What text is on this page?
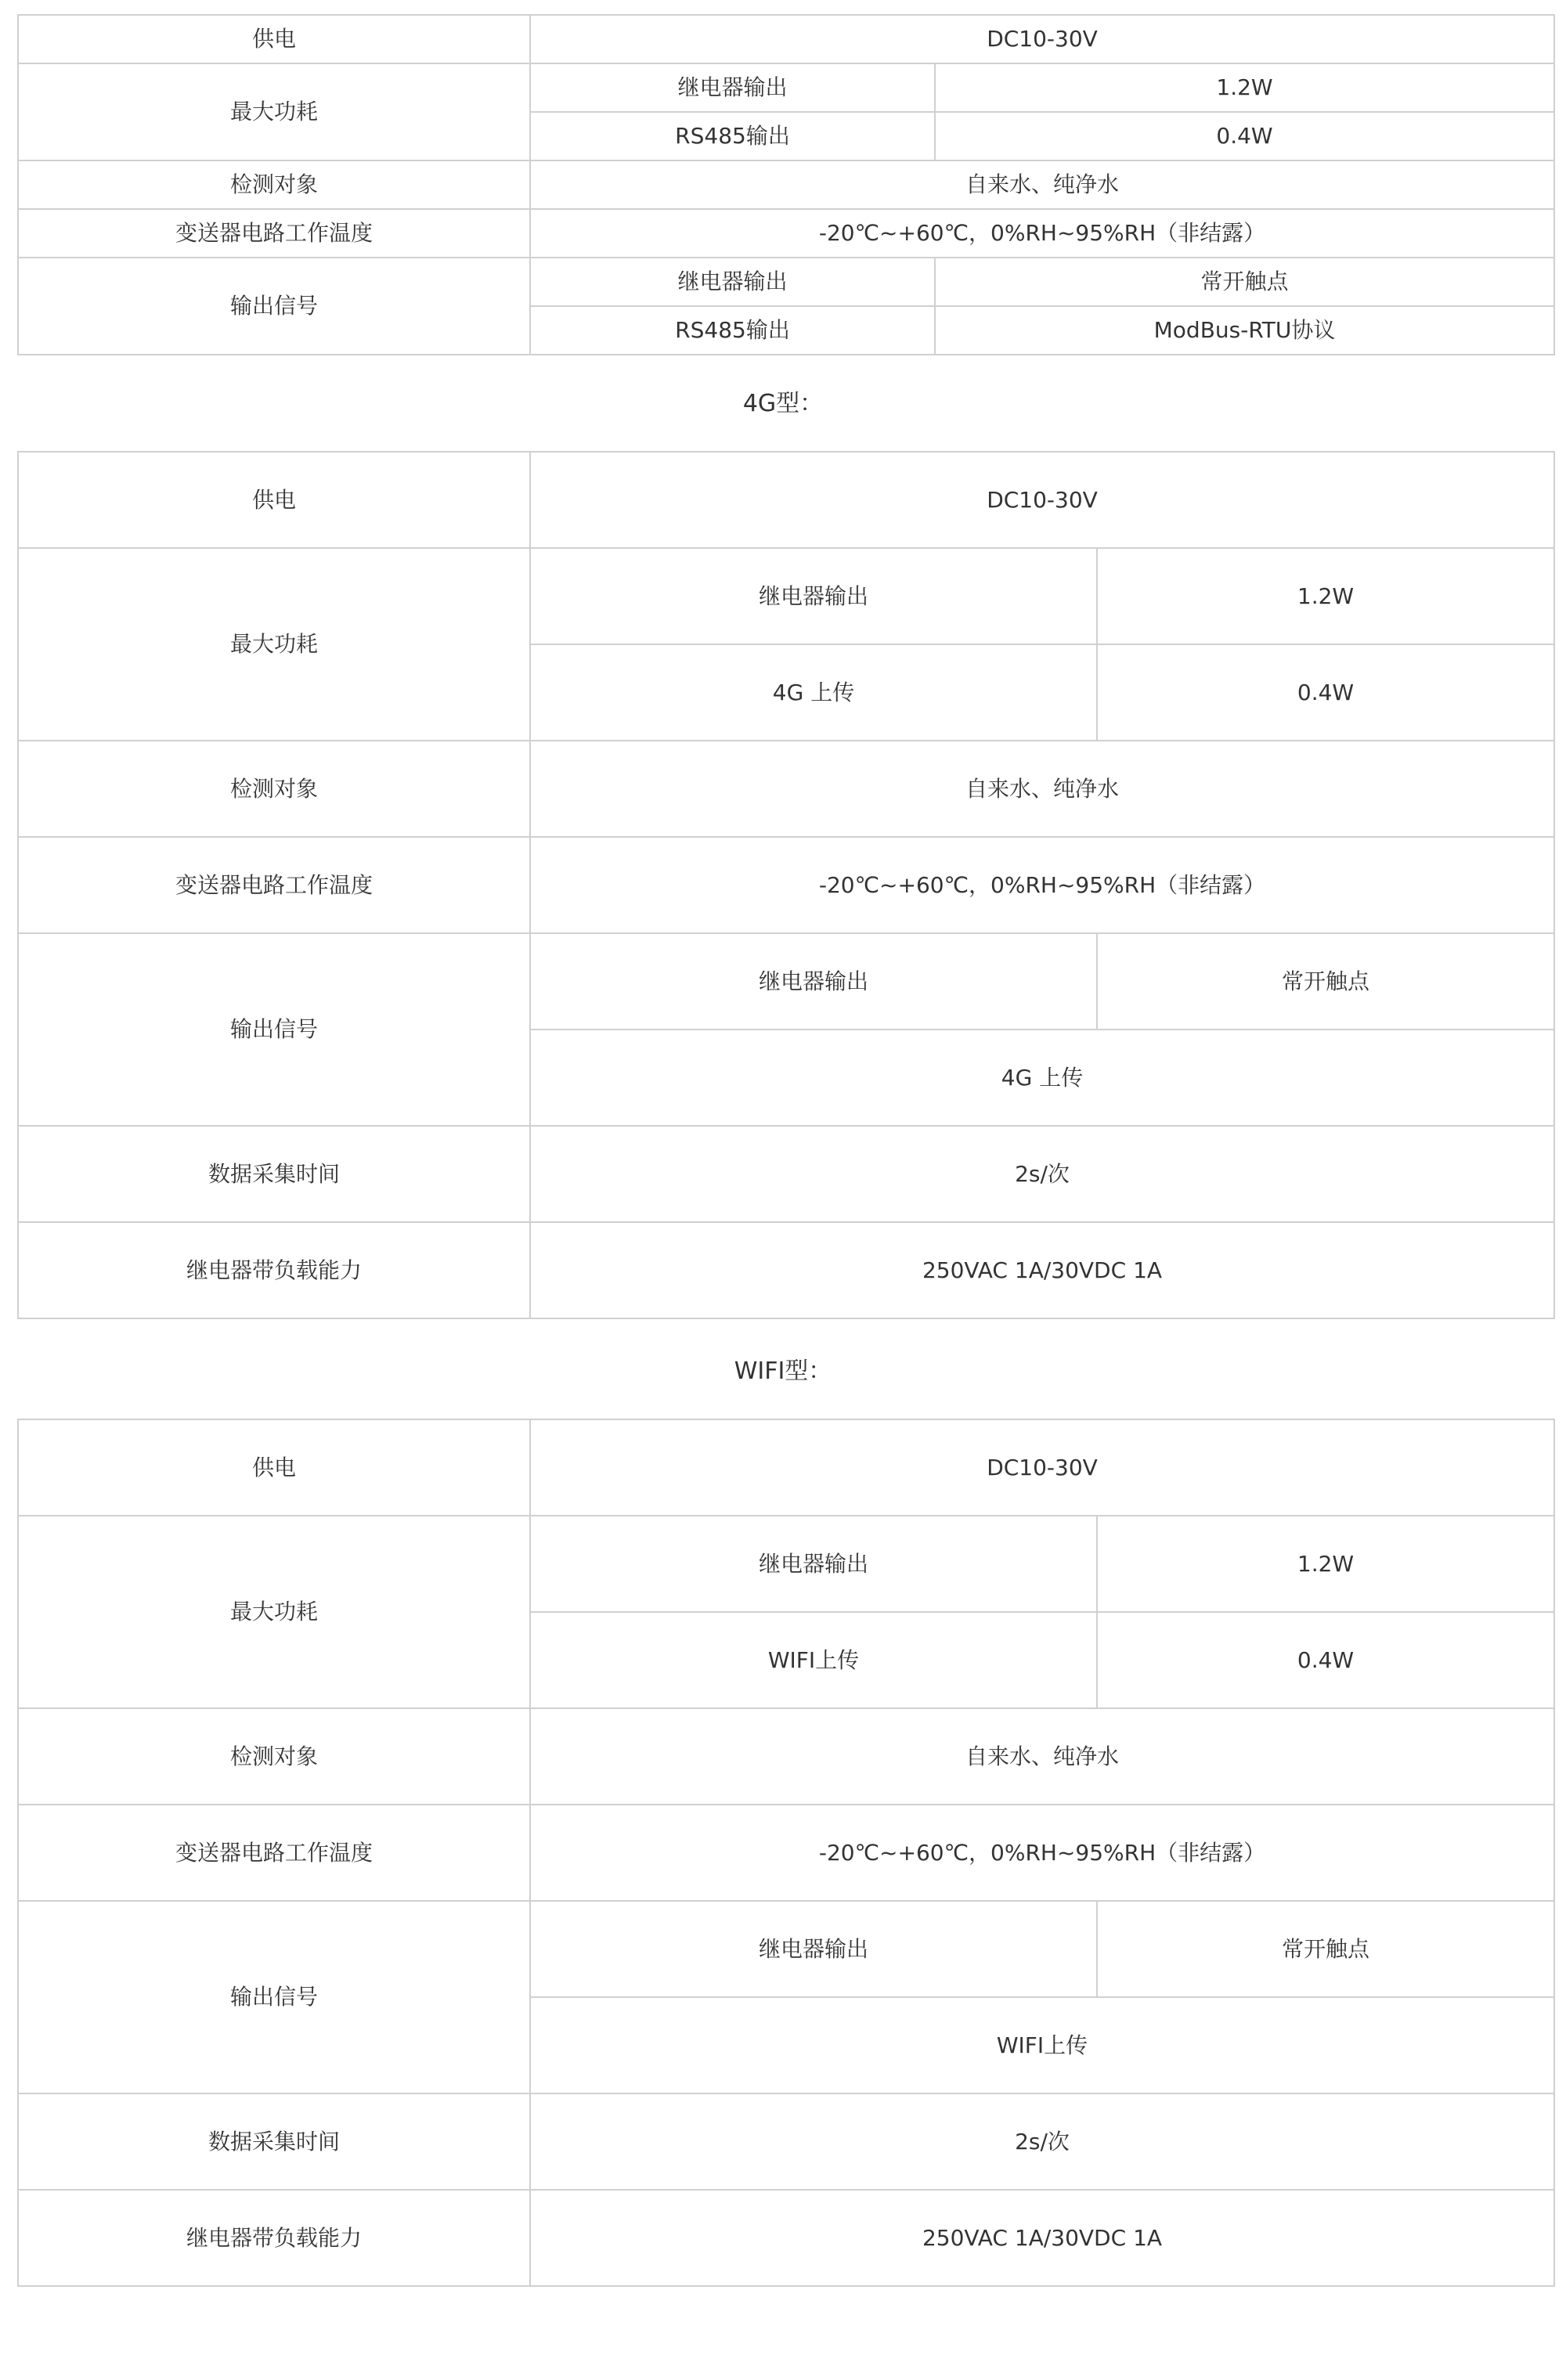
供电	DC10-30V	
最大功耗	继电器输出	1.2W
	RS485输出	0.4W
检测对象	自来水、纯净水	
变送器电路工作温度	-20℃~+60℃，0%RH~95%RH（非结露）	
输出信号	继电器输出	常开触点
	RS485输出	ModBus-RTU协议
4G型：
供电	DC10-30V	
最大功耗	继电器输出	1.2W
	4G 上传	0.4W
检测对象	自来水、纯净水	
变送器电路工作温度	-20℃~+60℃，0%RH~95%RH（非结露）	
输出信号	继电器输出	常开触点
	4G 上传	
数据采集时间	2s/次	
继电器带负载能力	250VAC 1A/30VDC 1A	
WIFI型：
供电	DC10-30V	
最大功耗	继电器输出	1.2W
	WIFI上传	0.4W
检测对象	自来水、纯净水	
变送器电路工作温度	-20℃~+60℃，0%RH~95%RH（非结露）	
输出信号	继电器输出	常开触点
	WIFI上传	
数据采集时间	2s/次	
继电器带负载能力	250VAC 1A/30VDC 1A	
